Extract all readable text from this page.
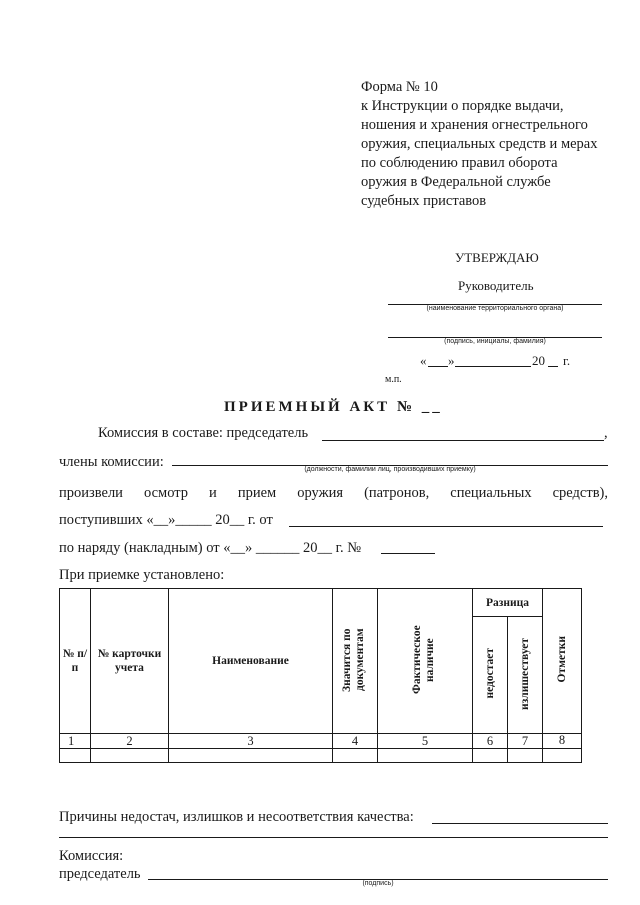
Форма № 10
к Инструкции о порядке выдачи,
ношения и хранения огнестрельного
оружия, специальных средств и мерах
по соблюдению правил оборота
оружия в Федеральной службе
судебных приставов
УТВЕРЖДАЮ
Руководитель
(наименование территориального органа)
(подпись, инициалы, фамилия)
« »	20 г.
м.п.
ПРИЕМНЫЙ АКТ № __
Комиссия в составе: председатель	,
члены комиссии:	(должности, фамилии лиц, производивших приемку)
произвели осмотр и прием оружия (патронов, специальных средств),
поступивших «__»_____ 20__ г. от
по наряду (накладным) от «__» ______ 20__ г. №
При приемке установлено:
№ п/п	№ карточки учета	Наименование	Значится по документам	Фактическое наличие	Разница		Отметки
					недостает	излишествует	
1	2	3	4	5	6	7	8

Причины недостач, излишков и несоответствия качества:
Комиссия:
председатель
(подпись)
